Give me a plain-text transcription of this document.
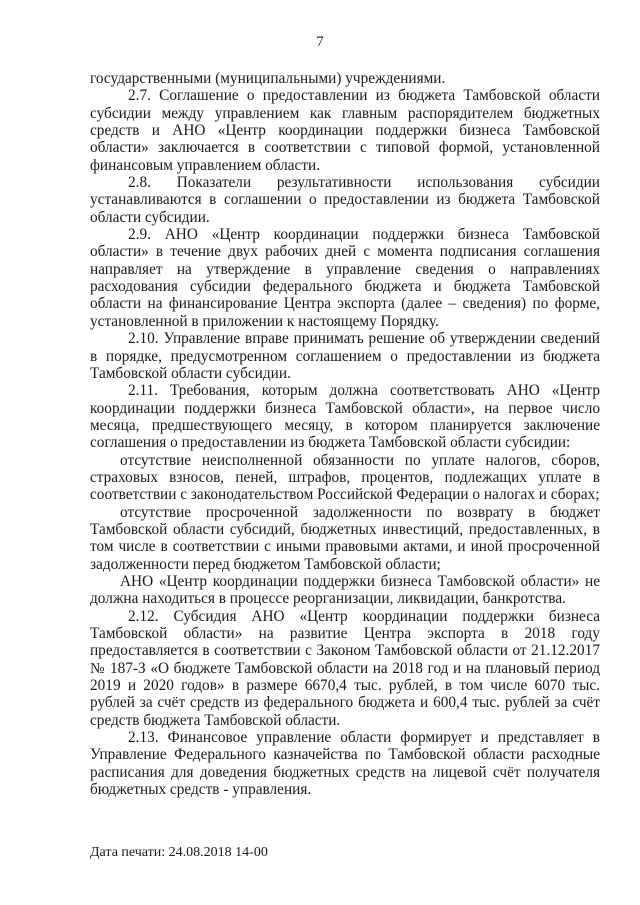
7

государственными (муниципальными) учреждениями.

2.7. Соглашение о предоставлении из бюджета Тамбовской области субсидии между управлением как главным распорядителем бюджетных средств и АНО «Центр координации поддержки бизнеса Тамбовской области» заключается в соответствии с типовой формой, установленной финансовым управлением области.

2.8. Показатели результативности использования субсидии устанавливаются в соглашении о предоставлении из бюджета Тамбовской области субсидии.

2.9. АНО «Центр координации поддержки бизнеса Тамбовской области» в течение двух рабочих дней с момента подписания соглашения направляет на утверждение в управление сведения о направлениях расходования субсидии федерального бюджета и бюджета Тамбовской области на финансирование Центра экспорта (далее – сведения) по форме, установленной в приложении к настоящему Порядку.

2.10. Управление вправе принимать решение об утверждении сведений в порядке, предусмотренном соглашением о предоставлении из бюджета Тамбовской области субсидии.

2.11. Требования, которым должна соответствовать АНО «Центр координации поддержки бизнеса Тамбовской области», на первое число месяца, предшествующего месяцу, в котором планируется заключение соглашения о предоставлении из бюджета Тамбовской области субсидии:

отсутствие неисполненной обязанности по уплате налогов, сборов, страховых взносов, пеней, штрафов, процентов, подлежащих уплате в соответствии с законодательством Российской Федерации о налогах и сборах;

отсутствие просроченной задолженности по возврату в бюджет Тамбовской области субсидий, бюджетных инвестиций, предоставленных, в том числе в соответствии с иными правовыми актами, и иной просроченной задолженности перед бюджетом Тамбовской области;

АНО «Центр координации поддержки бизнеса Тамбовской области» не должна находиться в процессе реорганизации, ликвидации, банкротства.

2.12. Субсидия АНО «Центр координации поддержки бизнеса Тамбовской области» на развитие Центра экспорта в 2018 году предоставляется в соответствии с Законом Тамбовской области от 21.12.2017 № 187-З «О бюджете Тамбовской области на 2018 год и на плановый период 2019 и 2020 годов» в размере 6670,4 тыс. рублей, в том числе 6070 тыс. рублей за счёт средств из федерального бюджета и 600,4 тыс. рублей за счёт средств бюджета Тамбовской области.

2.13. Финансовое управление области формирует и представляет в Управление Федерального казначейства по Тамбовской области расходные расписания для доведения бюджетных средств на лицевой счёт получателя бюджетных средств - управления.

Дата печати: 24.08.2018 14-00
